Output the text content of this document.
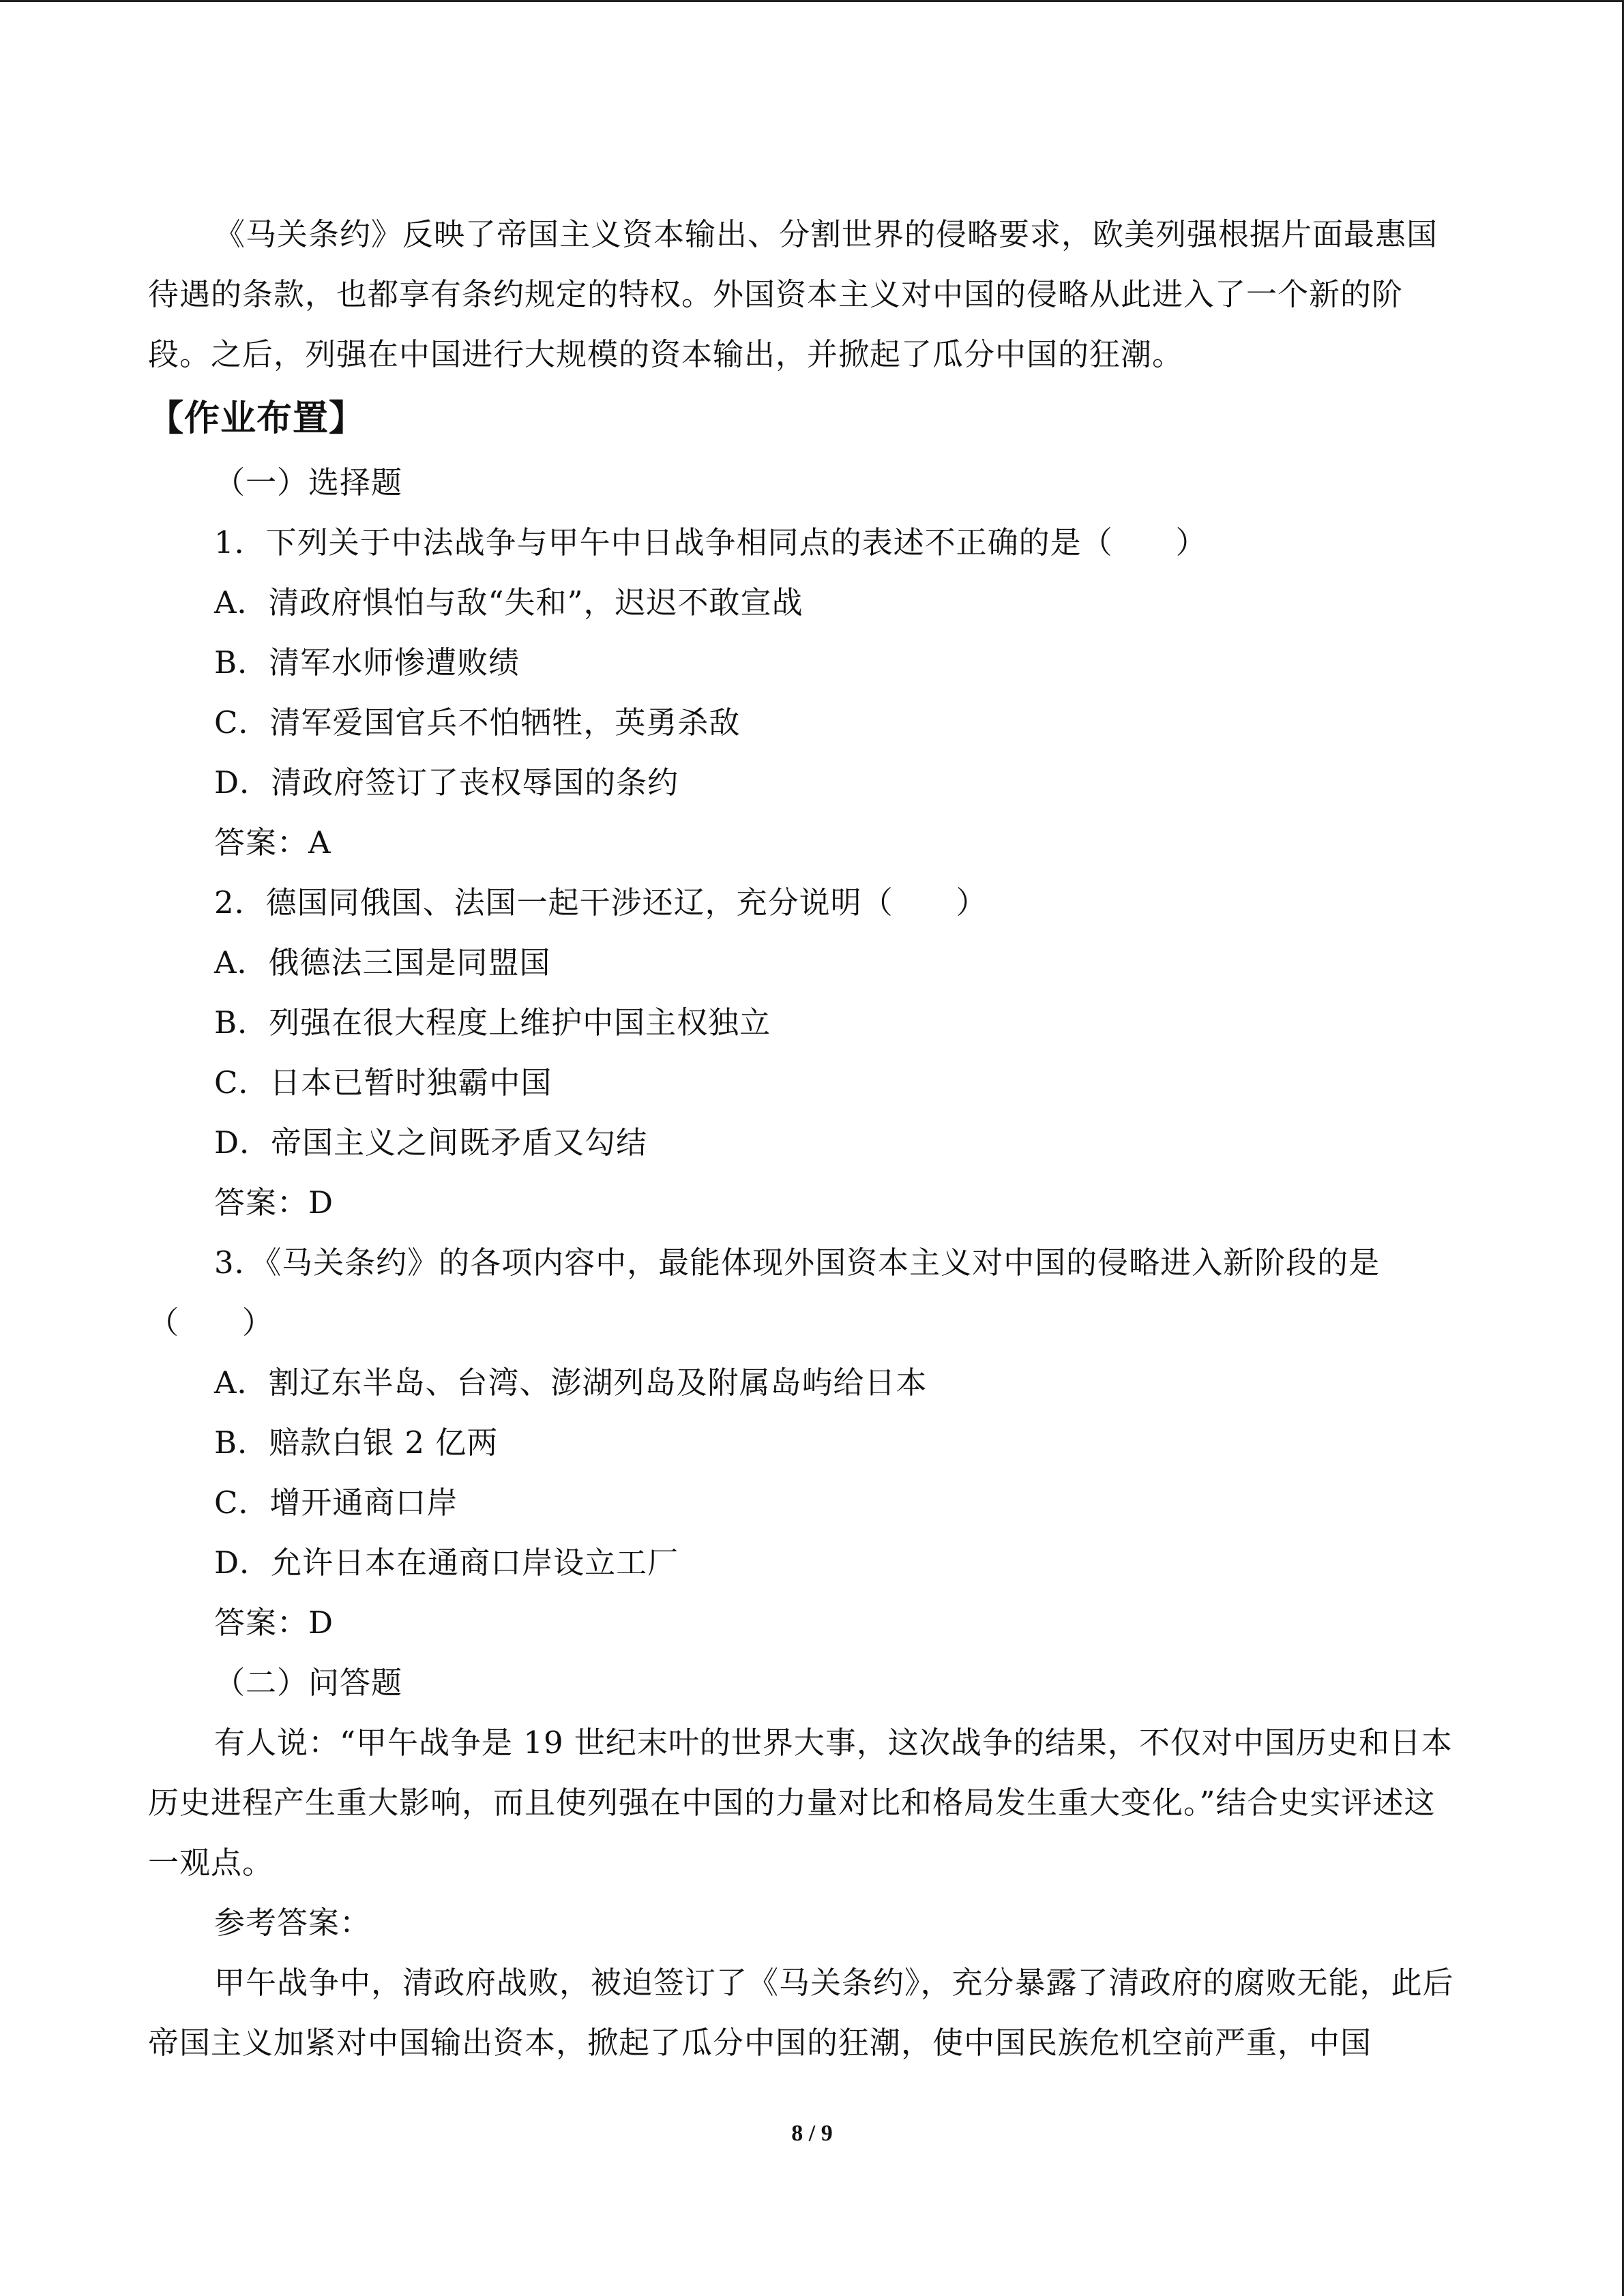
《马关条约》反映了帝国主义资本输出、分割世界的侵略要求，欧美列强根据片面最惠国待遇的条款，也都享有条约规定的特权。外国资本主义对中国的侵略从此进入了一个新的阶段。之后，列强在中国进行大规模的资本输出，并掀起了瓜分中国的狂潮。

【作业布置】

（一）选择题

1．下列关于中法战争与甲午中日战争相同点的表述不正确的是（　　）

A．清政府惧怕与敌“失和”，迟迟不敢宣战

B．清军水师惨遭败绩

C．清军爱国官兵不怕牺牲，英勇杀敌

D．清政府签订了丧权辱国的条约

答案：A

2．德国同俄国、法国一起干涉还辽，充分说明（　　）

A．俄德法三国是同盟国

B．列强在很大程度上维护中国主权独立

C．日本已暂时独霸中国

D．帝国主义之间既矛盾又勾结

答案：D

3．《马关条约》的各项内容中，最能体现外国资本主义对中国的侵略进入新阶段的是（　　）

A．割辽东半岛、台湾、澎湖列岛及附属岛屿给日本

B．赔款白银 2 亿两

C．增开通商口岸

D．允许日本在通商口岸设立工厂

答案：D

（二）问答题

有人说：“甲午战争是 19 世纪末叶的世界大事，这次战争的结果，不仅对中国历史和日本历史进程产生重大影响，而且使列强在中国的力量对比和格局发生重大变化。”结合史实评述这一观点。

参考答案：

甲午战争中，清政府战败，被迫签订了《马关条约》，充分暴露了清政府的腐败无能，此后帝国主义加紧对中国输出资本，掀起了瓜分中国的狂潮，使中国民族危机空前严重，中国

8 / 9
